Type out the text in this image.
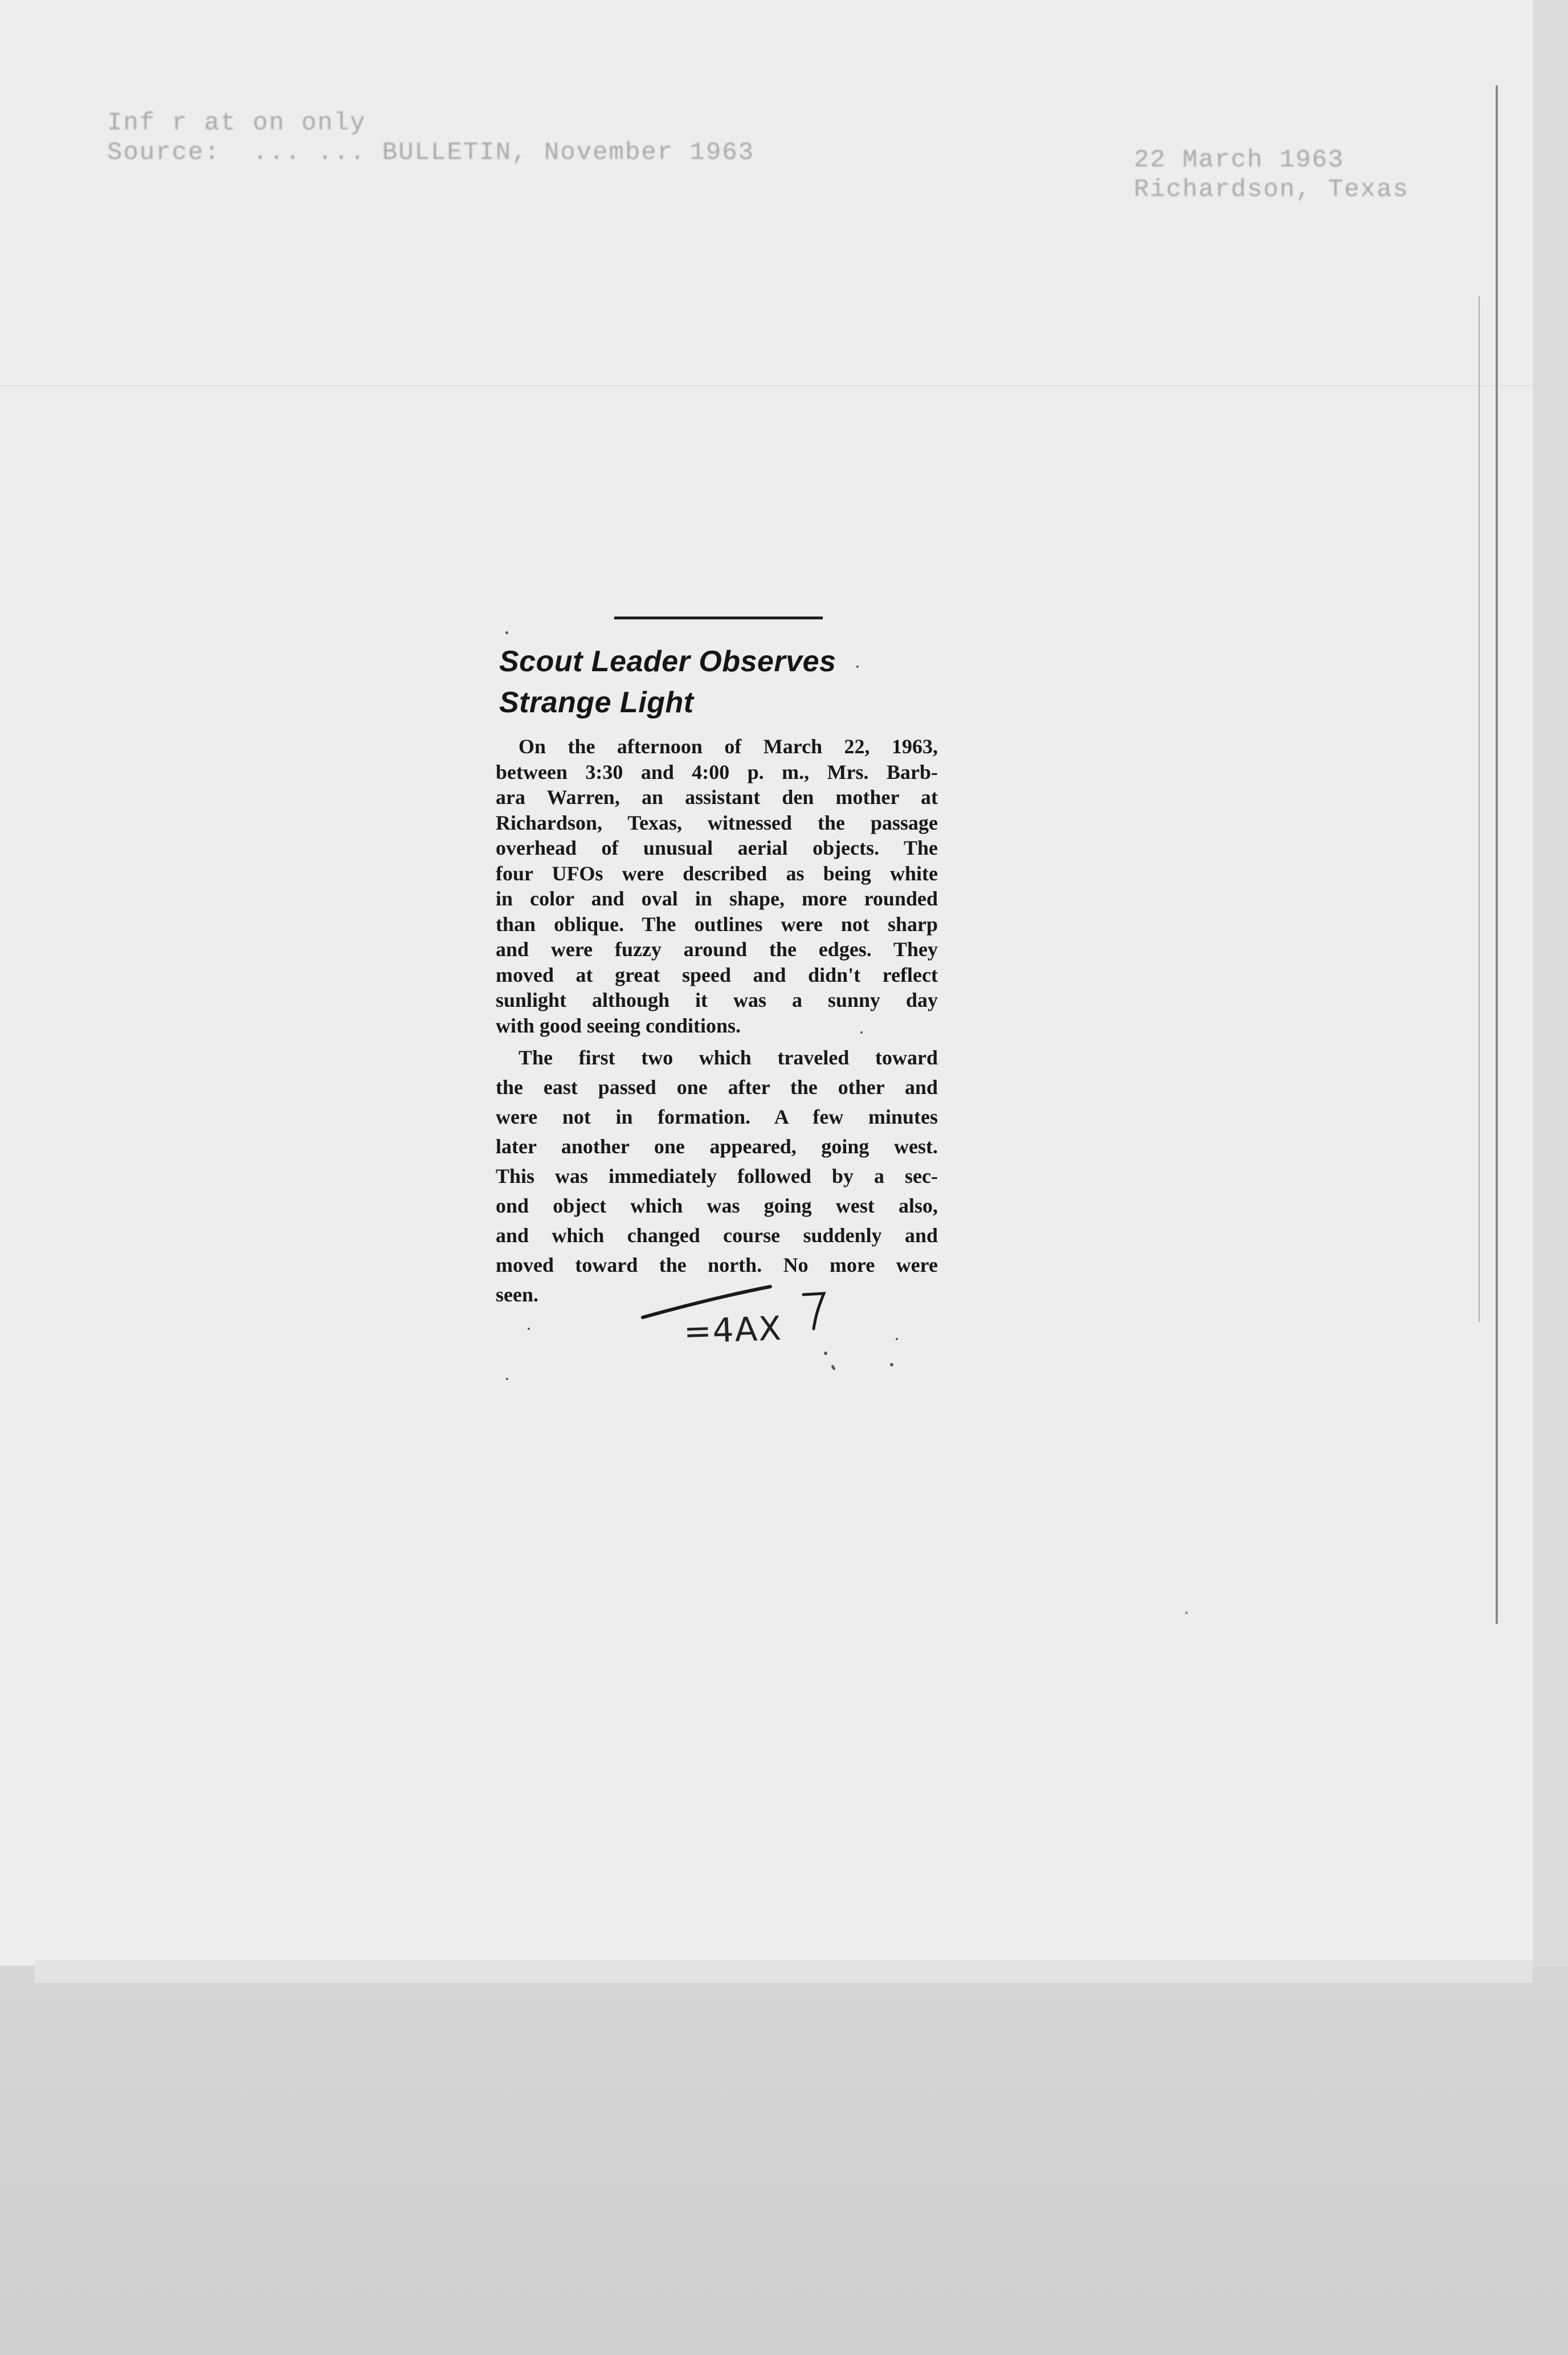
Inf r at on only
Source:  ... ... BULLETIN, November 1963	22 March 1963
Richardson, Texas
Scout Leader Observes
Strange Light
On the afternoon of March 22, 1963,
between 3:30 and 4:00 p. m., Mrs. Barb-
ara Warren, an assistant den mother at
Richardson, Texas, witnessed the passage
overhead of unusual aerial objects. The
four UFOs were described as being white
in color and oval in shape, more rounded
than oblique. The outlines were not sharp
and were fuzzy around the edges. They
moved at great speed and didn't reflect
sunlight although it was a sunny day
with good seeing conditions.
The first two which traveled toward
the east passed one after the other and
were not in formation. A few minutes
later another one appeared, going west.
This was immediately followed by a sec-
ond object which was going west also,
and which changed course suddenly and
moved toward the north. No more were
seen.	7
=4AX
